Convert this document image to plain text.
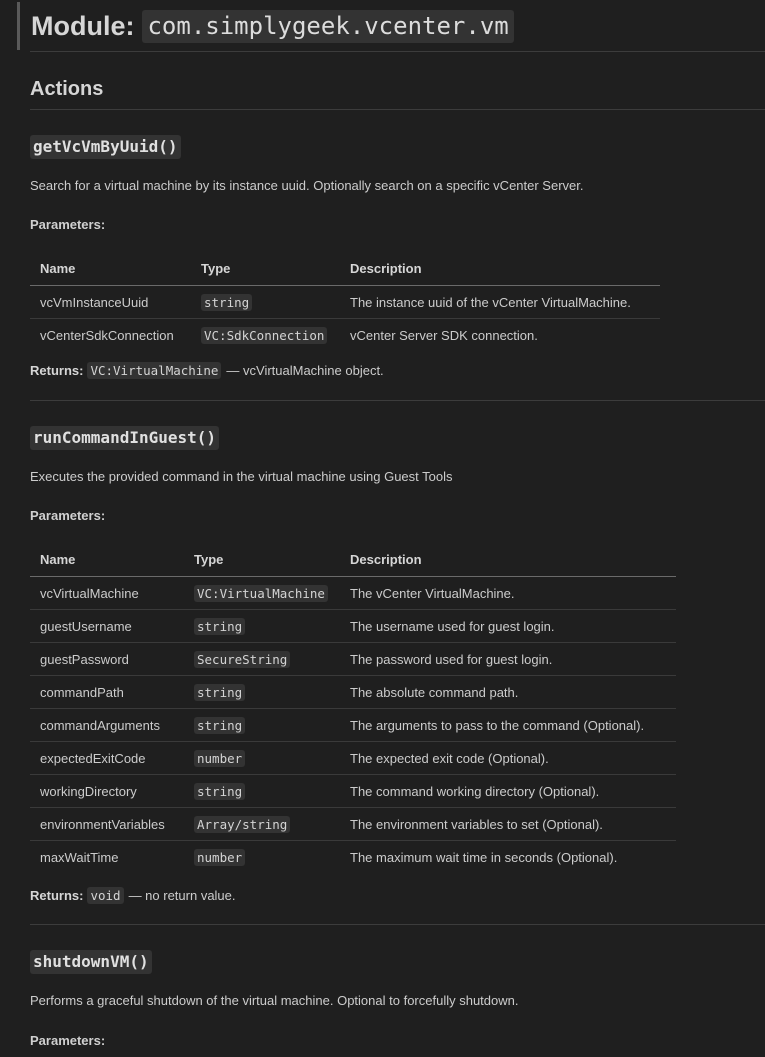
Module: com.simplygeek.vcenter.vm
Actions
getVcVmByUuid()
Search for a virtual machine by its instance uuid. Optionally search on a specific vCenter Server.
Parameters:
Name	Type	Description
vcVmInstanceUuid	string	The instance uuid of the vCenter VirtualMachine.
vCenterSdkConnection	VC:SdkConnection	vCenter Server SDK connection.
Returns: VC:VirtualMachine — vcVirtualMachine object.
runCommandInGuest()
Executes the provided command in the virtual machine using Guest Tools
Parameters:
Name	Type	Description
vcVirtualMachine	VC:VirtualMachine	The vCenter VirtualMachine.
guestUsername	string	The username used for guest login.
guestPassword	SecureString	The password used for guest login.
commandPath	string	The absolute command path.
commandArguments	string	The arguments to pass to the command (Optional).
expectedExitCode	number	The expected exit code (Optional).
workingDirectory	string	The command working directory (Optional).
environmentVariables	Array/string	The environment variables to set (Optional).
maxWaitTime	number	The maximum wait time in seconds (Optional).
Returns: void — no return value.
shutdownVM()
Performs a graceful shutdown of the virtual machine. Optional to forcefully shutdown.
Parameters:
